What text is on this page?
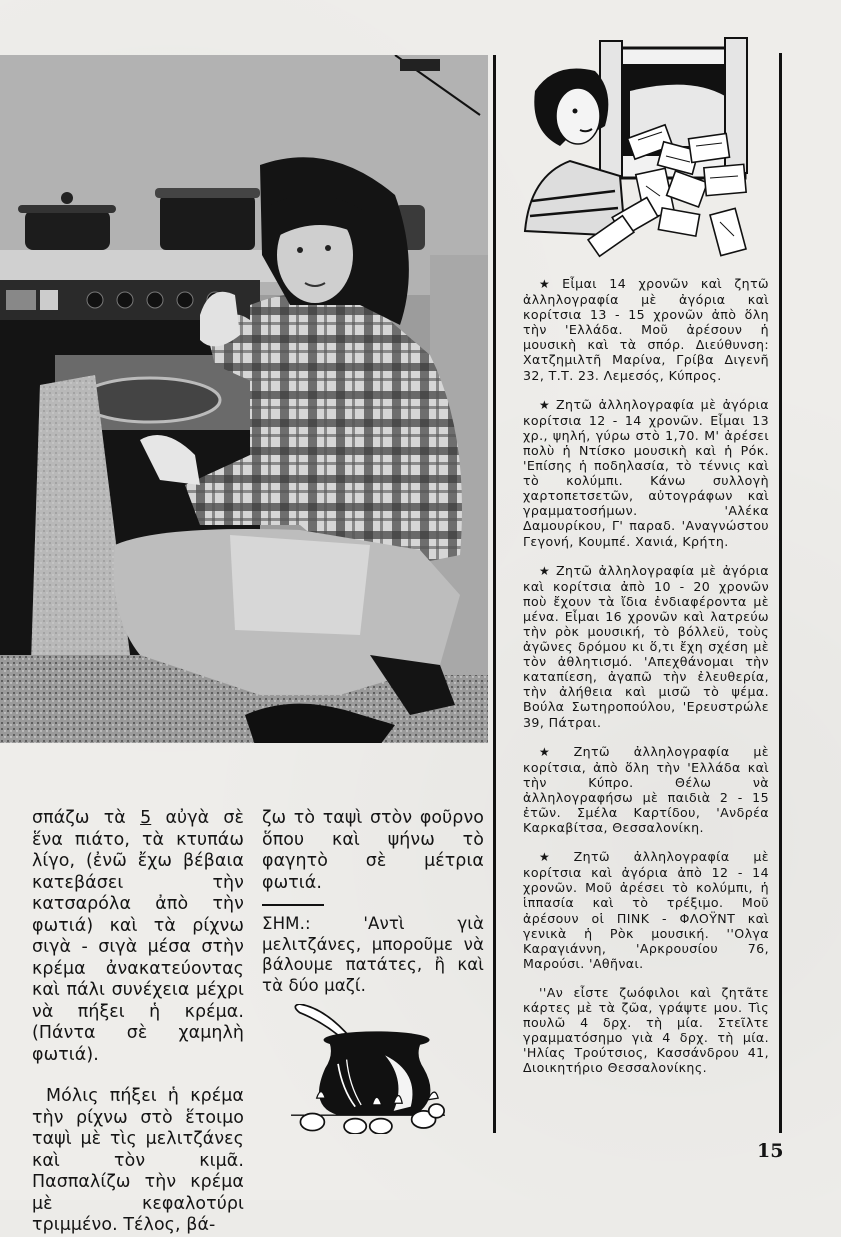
σπάζω τὰ 5 αὐγὰ σὲ ἕνα πιάτο, τὰ κτυπάω λίγο, (ἐνῶ ἔχω βέβαια κατεβάσει τὴν κατσαρόλα ἀπὸ τὴν φωτιά) καὶ τὰ ρίχνω σιγὰ - σιγὰ μέσα στὴν κρέμα ἀνακατεύοντας καὶ πάλι συνέχεια μέχρι νὰ πήξει ἡ κρέμα. (Πάντα σὲ χαμηλὴ φωτιά).

Μόλις πήξει ἡ κρέμα τὴν ρίχνω στὸ ἕτοιμο ταψὶ μὲ τὶς μελιτζάνες καὶ τὸν κιμᾶ. Πασπαλίζω τὴν κρέμα μὲ κεφαλοτύρι τριμμένο. Τέλος, βά-

ζω τὸ ταψὶ στὸν φοῦρνο ὅπου καὶ ψήνω τὸ φαγητὸ σὲ μέτρια φωτιά.

ΣΗΜ.: 'Αντὶ γιὰ μελιτζάνες, μποροῦμε νὰ βάλουμε πατάτες, ἢ καὶ τὰ δύο μαζί.

★ Εἶμαι 14 χρονῶν καὶ ζητῶ ἀλληλογραφία μὲ ἀγόρια καὶ κορίτσια 13 - 15 χρονῶν ἀπὸ ὅλη τὴν 'Ελλάδα. Μοῦ ἀρέσουν ἡ μουσικὴ καὶ τὰ σπόρ. Διεύθυνση: Χατζημιλτῆ Μαρίνα, Γρίβα Διγενῆ 32, Τ.Τ. 23. Λεμεσός, Κύπρος.

★ Ζητῶ ἀλληλογραφία μὲ ἀγόρια κορίτσια 12 - 14 χρονῶν. Εἶμαι 13 χρ., ψηλή, γύρω στὸ 1,70. Μ' ἀρέσει πολὺ ἡ Ντίσκο μουσικὴ καὶ ἡ Ρόκ. 'Επίσης ἡ ποδηλασία, τὸ τέννις καὶ τὸ κολύμπι. Κάνω συλλογὴ χαρτοπετσετῶν, αὐτογράφων καὶ γραμματοσήμων. 'Αλέκα Δαμουρίκου, Γ' παραδ. 'Αναγνώστου Γεγονή, Κουμπέ. Χανιά, Κρήτη.

★ Ζητῶ ἀλληλογραφία μὲ ἀγόρια καὶ κορίτσια ἀπὸ 10 - 20 χρονῶν ποὺ ἔχουν τὰ ἴδια ἐνδιαφέροντα μὲ μένα. Εἶμαι 16 χρονῶν καὶ λατρεύω τὴν ρὸκ μουσική, τὸ βόλλεϋ, τοὺς ἀγῶνες δρόμου κι ὅ,τι ἔχη σχέση μὲ τὸν ἀθλητισμό. 'Απεχθάνομαι τὴν καταπίεση, ἀγαπῶ τὴν ἐλευθερία, τὴν ἀλήθεια καὶ μισῶ τὸ ψέμα. Βούλα Σωτηροπούλου, 'Ερευστρώλε 39, Πάτραι.

★ Ζητῶ ἀλληλογραφία μὲ κορίτσια, ἀπὸ ὅλη τὴν 'Ελλάδα καὶ τὴν Κύπρο. Θέλω νὰ ἀλληλογραφήσω μὲ παιδιὰ 2 - 15 ἐτῶν. Σμέλα Καρτίδου, 'Ανδρέα Καρκαβίτσα, Θεσσαλονίκη.

★ Ζητῶ ἀλληλογραφία μὲ κορίτσια καὶ ἀγόρια ἀπὸ 12 - 14 χρονῶν. Μοῦ ἀρέσει τὸ κολύμπι, ἡ ἱππασία καὶ τὸ τρέξιμο. Μοῦ ἀρέσουν οἱ ΠΙΝΚ - ΦΛΟΫΝΤ καὶ γενικὰ ἡ Ρὸκ μουσική. ''Ολγα Καραγιάννη, 'Αρκρουσίου 76, Μαρούσι. 'Αθῆναι.

''Αν εἶστε ζωόφιλοι καὶ ζητᾶτε κάρτες μὲ τὰ ζῶα, γράψτε μου. Τὶς πουλῶ 4 δρχ. τὴ μία. Στεῖλτε γραμματόσημο γιὰ 4 δρχ. τὴ μία. 'Ηλίας Τρούτσιος, Κασσάνδρου 41, Διοικητήριο Θεσσαλονίκης.

15
